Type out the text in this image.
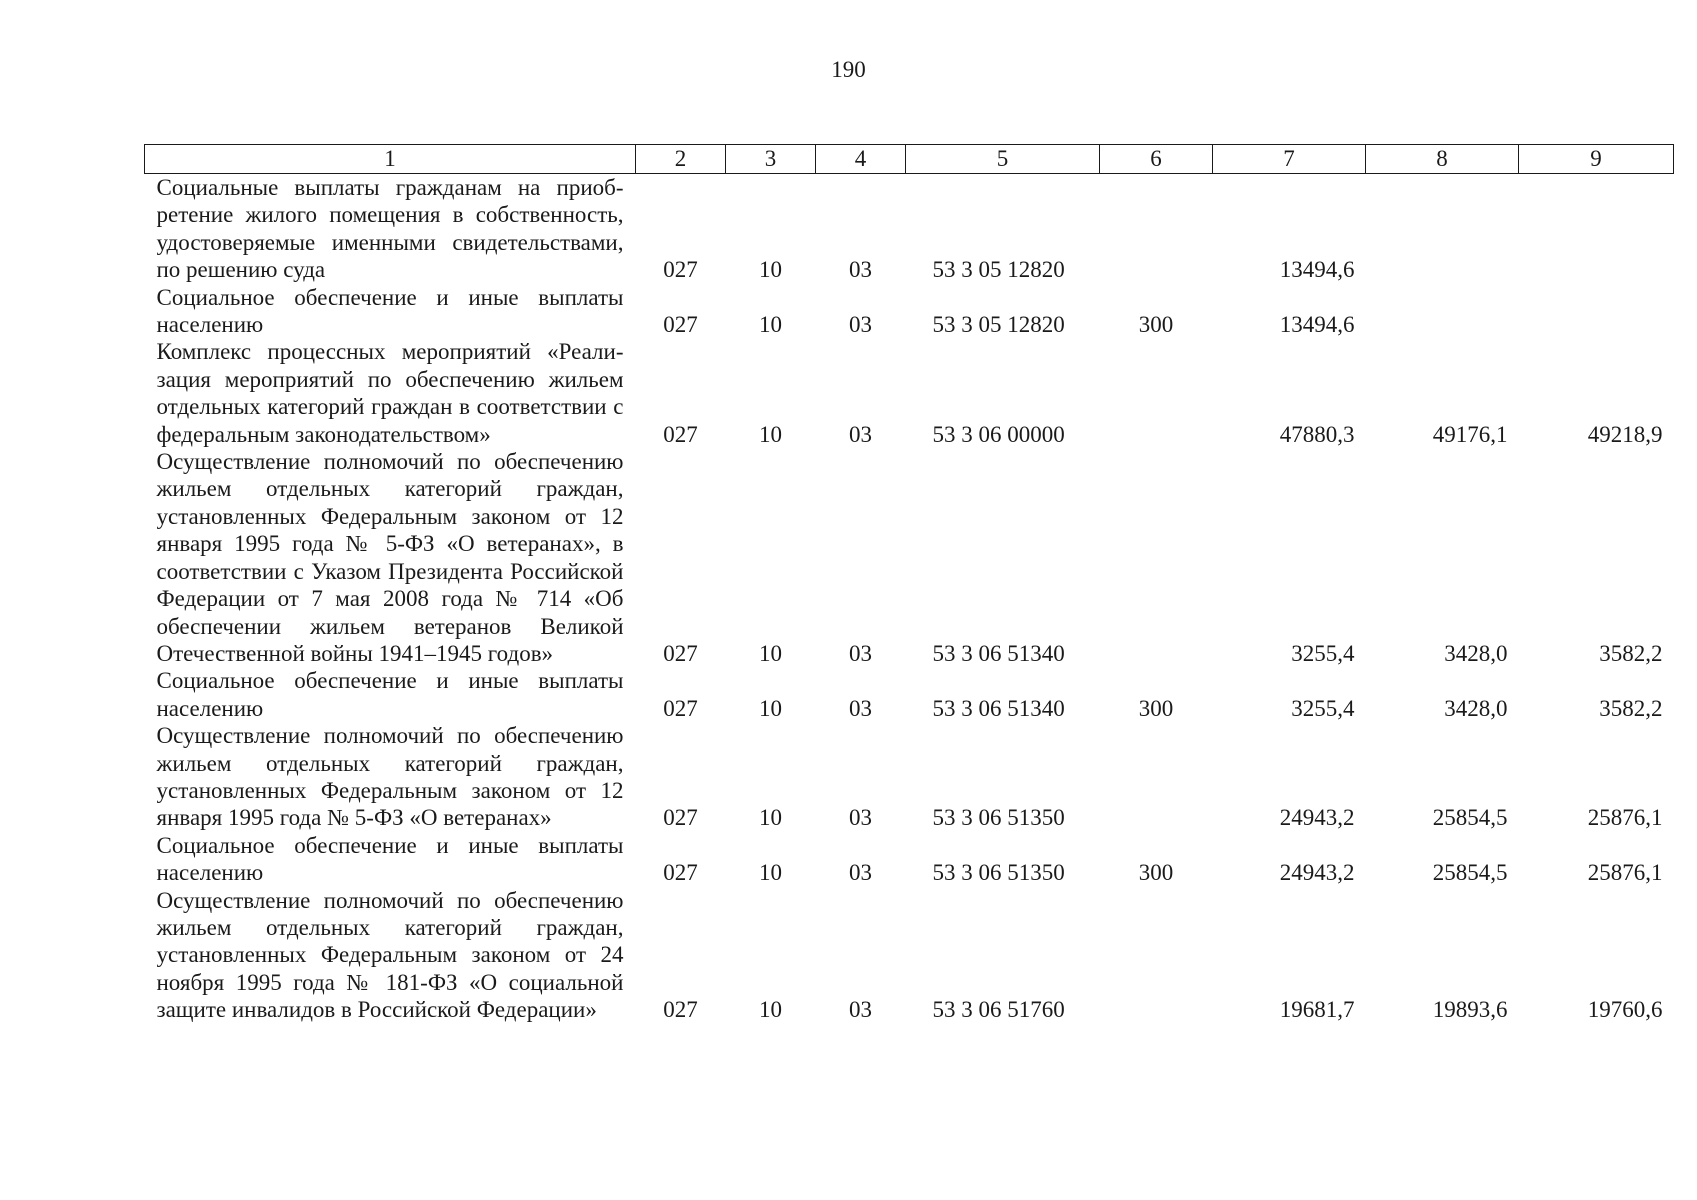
190
1	2	3	4	5	6	7	8	9
Социальные выплаты гражданам на приобретение жилого помещения в собственность, удостоверяемые именными свидетельствами, по решению суда	027	10	03	53 3 05 12820		13494,6		
Социальное обеспечение и иные выплаты населению	027	10	03	53 3 05 12820	300	13494,6		
Комплекс процессных мероприятий «Реализация мероприятий по обеспечению жильем отдельных категорий граждан в соответствии с федеральным законодательством»	027	10	03	53 3 06 00000		47880,3	49176,1	49218,9
Осуществление полномочий по обеспечению жильем отдельных категорий граждан, установленных Федеральным законом от 12 января 1995 года № 5-ФЗ «О ветеранах», в соответствии с Указом Президента Российской Федерации от 7 мая 2008 года № 714 «Об обеспечении жильем ветеранов Великой Отечественной войны 1941–1945 годов»	027	10	03	53 3 06 51340		3255,4	3428,0	3582,2
Социальное обеспечение и иные выплаты населению	027	10	03	53 3 06 51340	300	3255,4	3428,0	3582,2
Осуществление полномочий по обеспечению жильем отдельных категорий граждан, установленных Федеральным законом от 12 января 1995 года № 5-ФЗ «О ветеранах»	027	10	03	53 3 06 51350		24943,2	25854,5	25876,1
Социальное обеспечение и иные выплаты населению	027	10	03	53 3 06 51350	300	24943,2	25854,5	25876,1
Осуществление полномочий по обеспечению жильем отдельных категорий граждан, установленных Федеральным законом от 24 ноября 1995 года № 181-ФЗ «О социальной защите инвалидов в Российской Федерации»	027	10	03	53 3 06 51760		19681,7	19893,6	19760,6
